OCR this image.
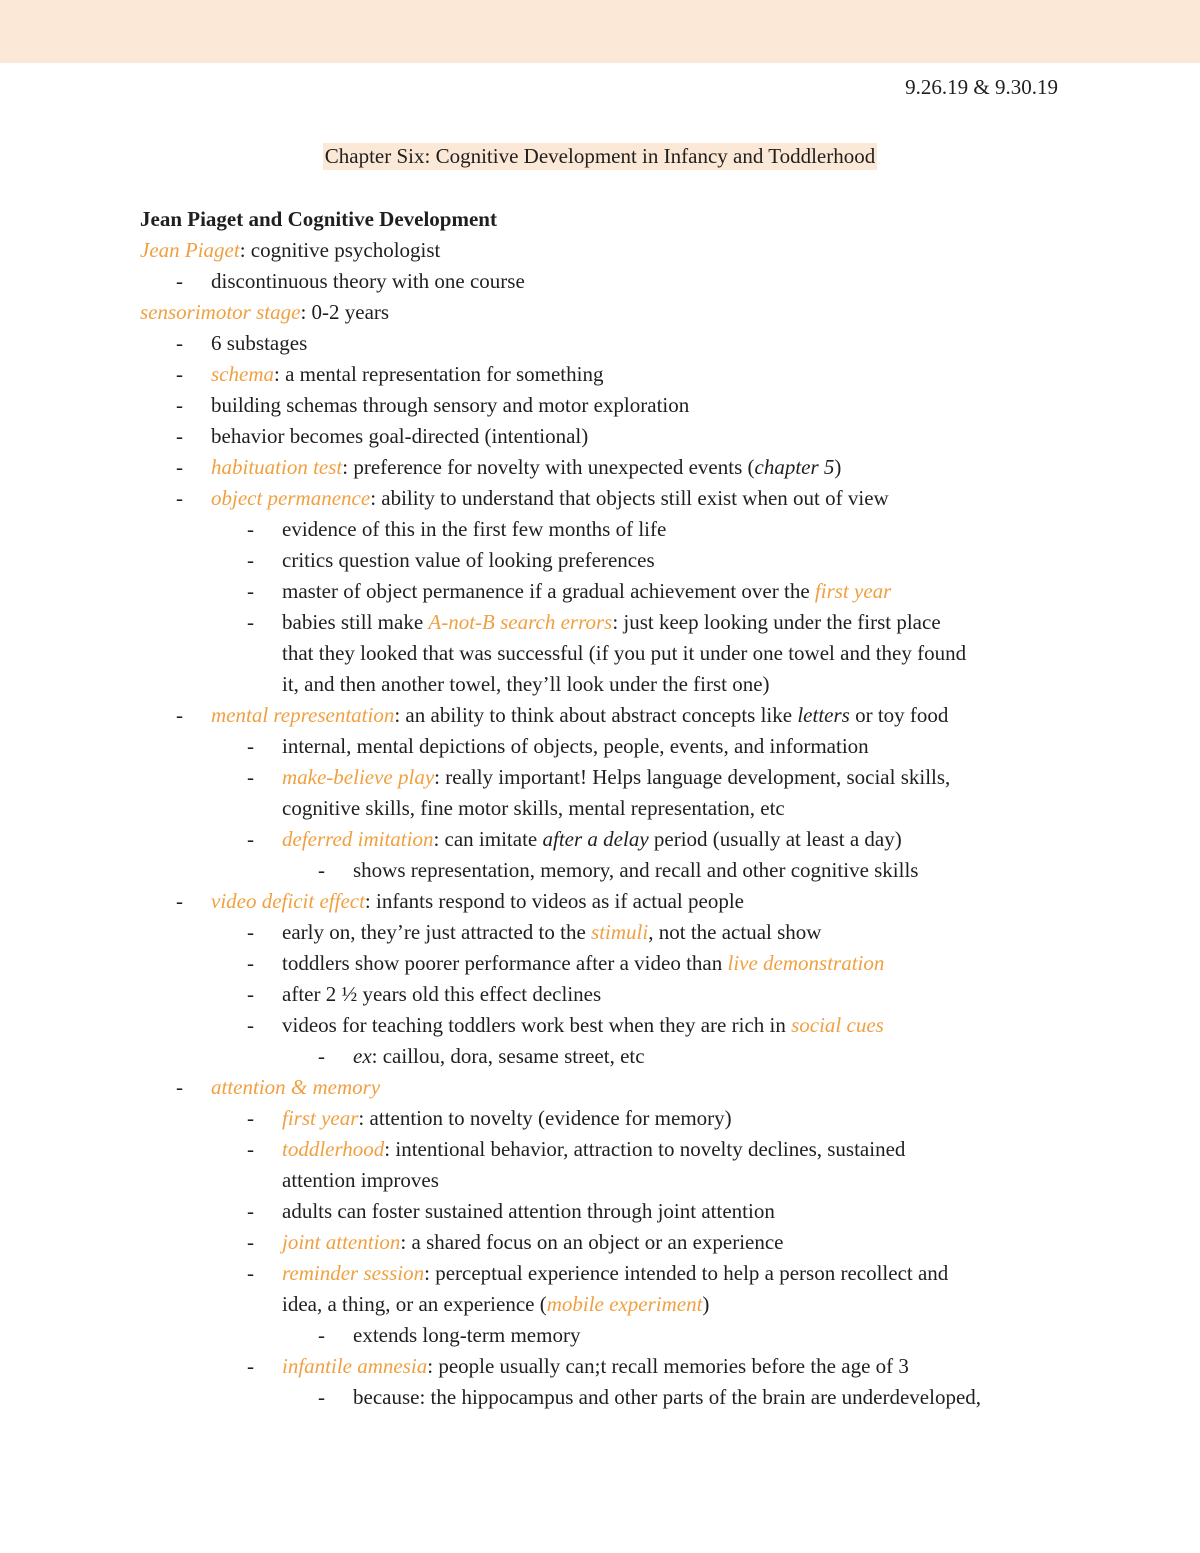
9.26.19 & 9.30.19
Chapter Six: Cognitive Development in Infancy and Toddlerhood
Jean Piaget and Cognitive Development
Jean Piaget: cognitive psychologist
-	discontinuous theory with one course
sensorimotor stage: 0-2 years
-	6 substages
-	schema: a mental representation for something
-	building schemas through sensory and motor exploration
-	behavior becomes goal-directed (intentional)
-	habituation test: preference for novelty with unexpected events (chapter 5)
-	object permanence: ability to understand that objects still exist when out of view
-	evidence of this in the first few months of life
-	critics question value of looking preferences
-	master of object permanence if a gradual achievement over the first year
-	babies still make A-not-B search errors: just keep looking under the first place
that they looked that was successful (if you put it under one towel and they found
it, and then another towel, they’ll look under the first one)
-	mental representation: an ability to think about abstract concepts like letters or toy food
-	internal, mental depictions of objects, people, events, and information
-	make-believe play: really important! Helps language development, social skills,
cognitive skills, fine motor skills, mental representation, etc
-	deferred imitation: can imitate after a delay period (usually at least a day)
-	shows representation, memory, and recall and other cognitive skills
-	video deficit effect: infants respond to videos as if actual people
-	early on, they’re just attracted to the stimuli, not the actual show
-	toddlers show poorer performance after a video than live demonstration
-	after 2 ½ years old this effect declines
-	videos for teaching toddlers work best when they are rich in social cues
-	ex: caillou, dora, sesame street, etc
-	attention & memory
-	first year: attention to novelty (evidence for memory)
-	toddlerhood: intentional behavior, attraction to novelty declines, sustained
attention improves
-	adults can foster sustained attention through joint attention
-	joint attention: a shared focus on an object or an experience
-	reminder session: perceptual experience intended to help a person recollect and
idea, a thing, or an experience (mobile experiment)
-	extends long-term memory
-	infantile amnesia: people usually can;t recall memories before the age of 3
-	because: the hippocampus and other parts of the brain are underdeveloped,
